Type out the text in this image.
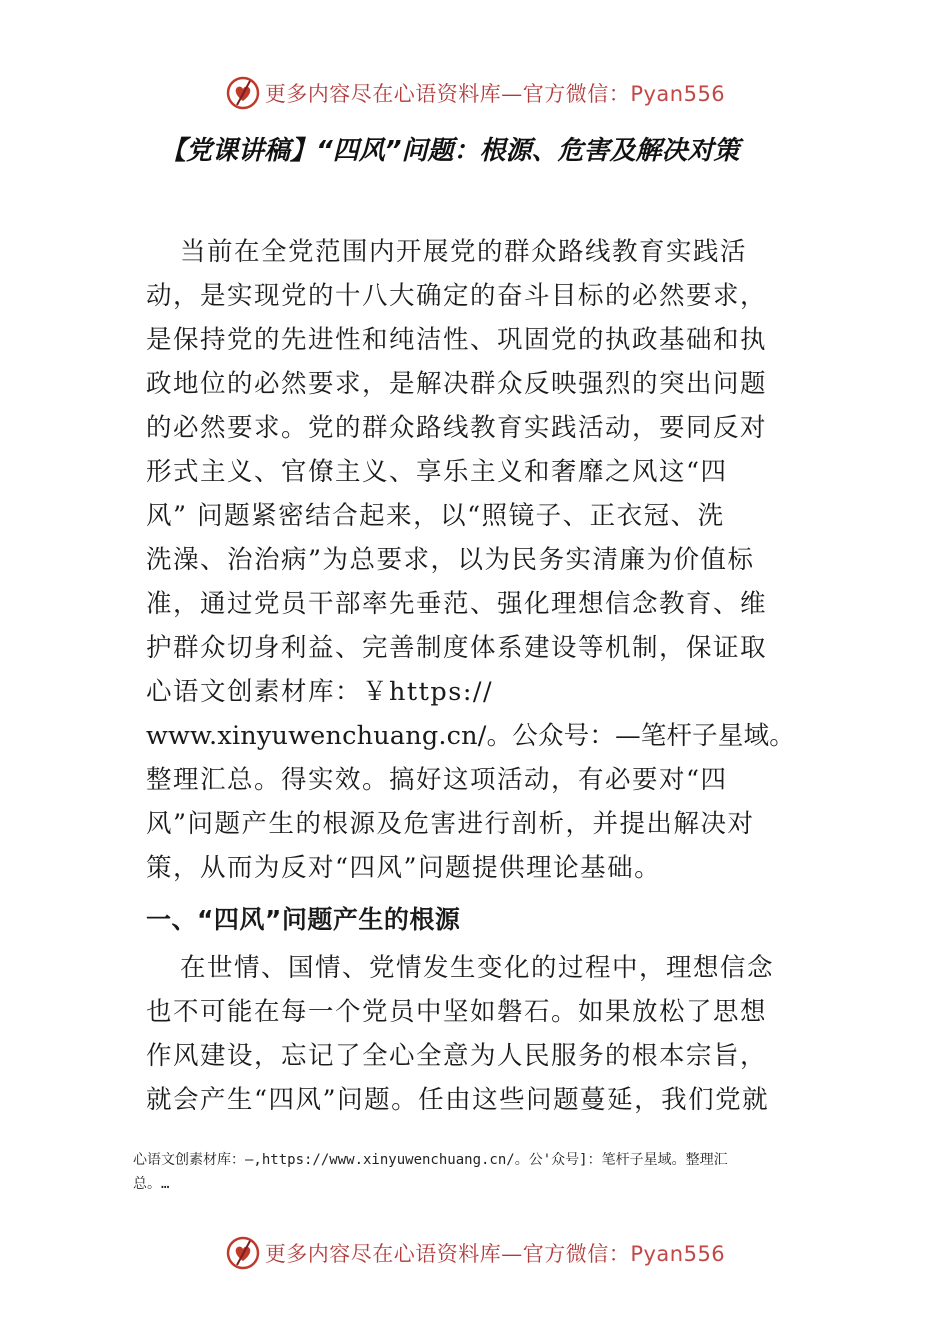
更多内容尽在心语资料库—官方微信：Pyan556
【党课讲稿】“四风”问题：根源、危害及解决对策

当前在全党范围内开展党的群众路线教育实践活

动，是实现党的十八大确定的奋斗目标的必然要求，

是保持党的先进性和纯洁性、巩固党的执政基础和执

政地位的必然要求，是解决群众反映强烈的突出问题

的必然要求。党的群众路线教育实践活动，要同反对

形式主义、官僚主义、享乐主义和奢靡之风这“四

风” 问题紧密结合起来，以“照镜子、正衣冠、洗

洗澡、治治病”为总要求，以为民务实清廉为价值标

准，通过党员干部率先垂范、强化理想信念教育、维

护群众切身利益、完善制度体系建设等机制，保证取

心语文创素材库：￥https://

www.xinyuwenchuang.cn/。公众号：—笔杆子星域。

整理汇总。得实效。搞好这项活动，有必要对“四

风”问题产生的根源及危害进行剖析，并提出解决对

策，从而为反对“四风”问题提供理论基础。

一、“四风”问题产生的根源

在世情、国情、党情发生变化的过程中，理想信念

也不可能在每一个党员中坚如磐石。如果放松了思想

作风建设，忘记了全心全意为人民服务的根本宗旨，

就会产生“四风”问题。任由这些问题蔓延，我们党就

心语文创素材库：—,https://www.xinyuwenchuang.cn/。公'众号]：笔杆子星域。整理汇
总。…
更多内容尽在心语资料库—官方微信：Pyan556
